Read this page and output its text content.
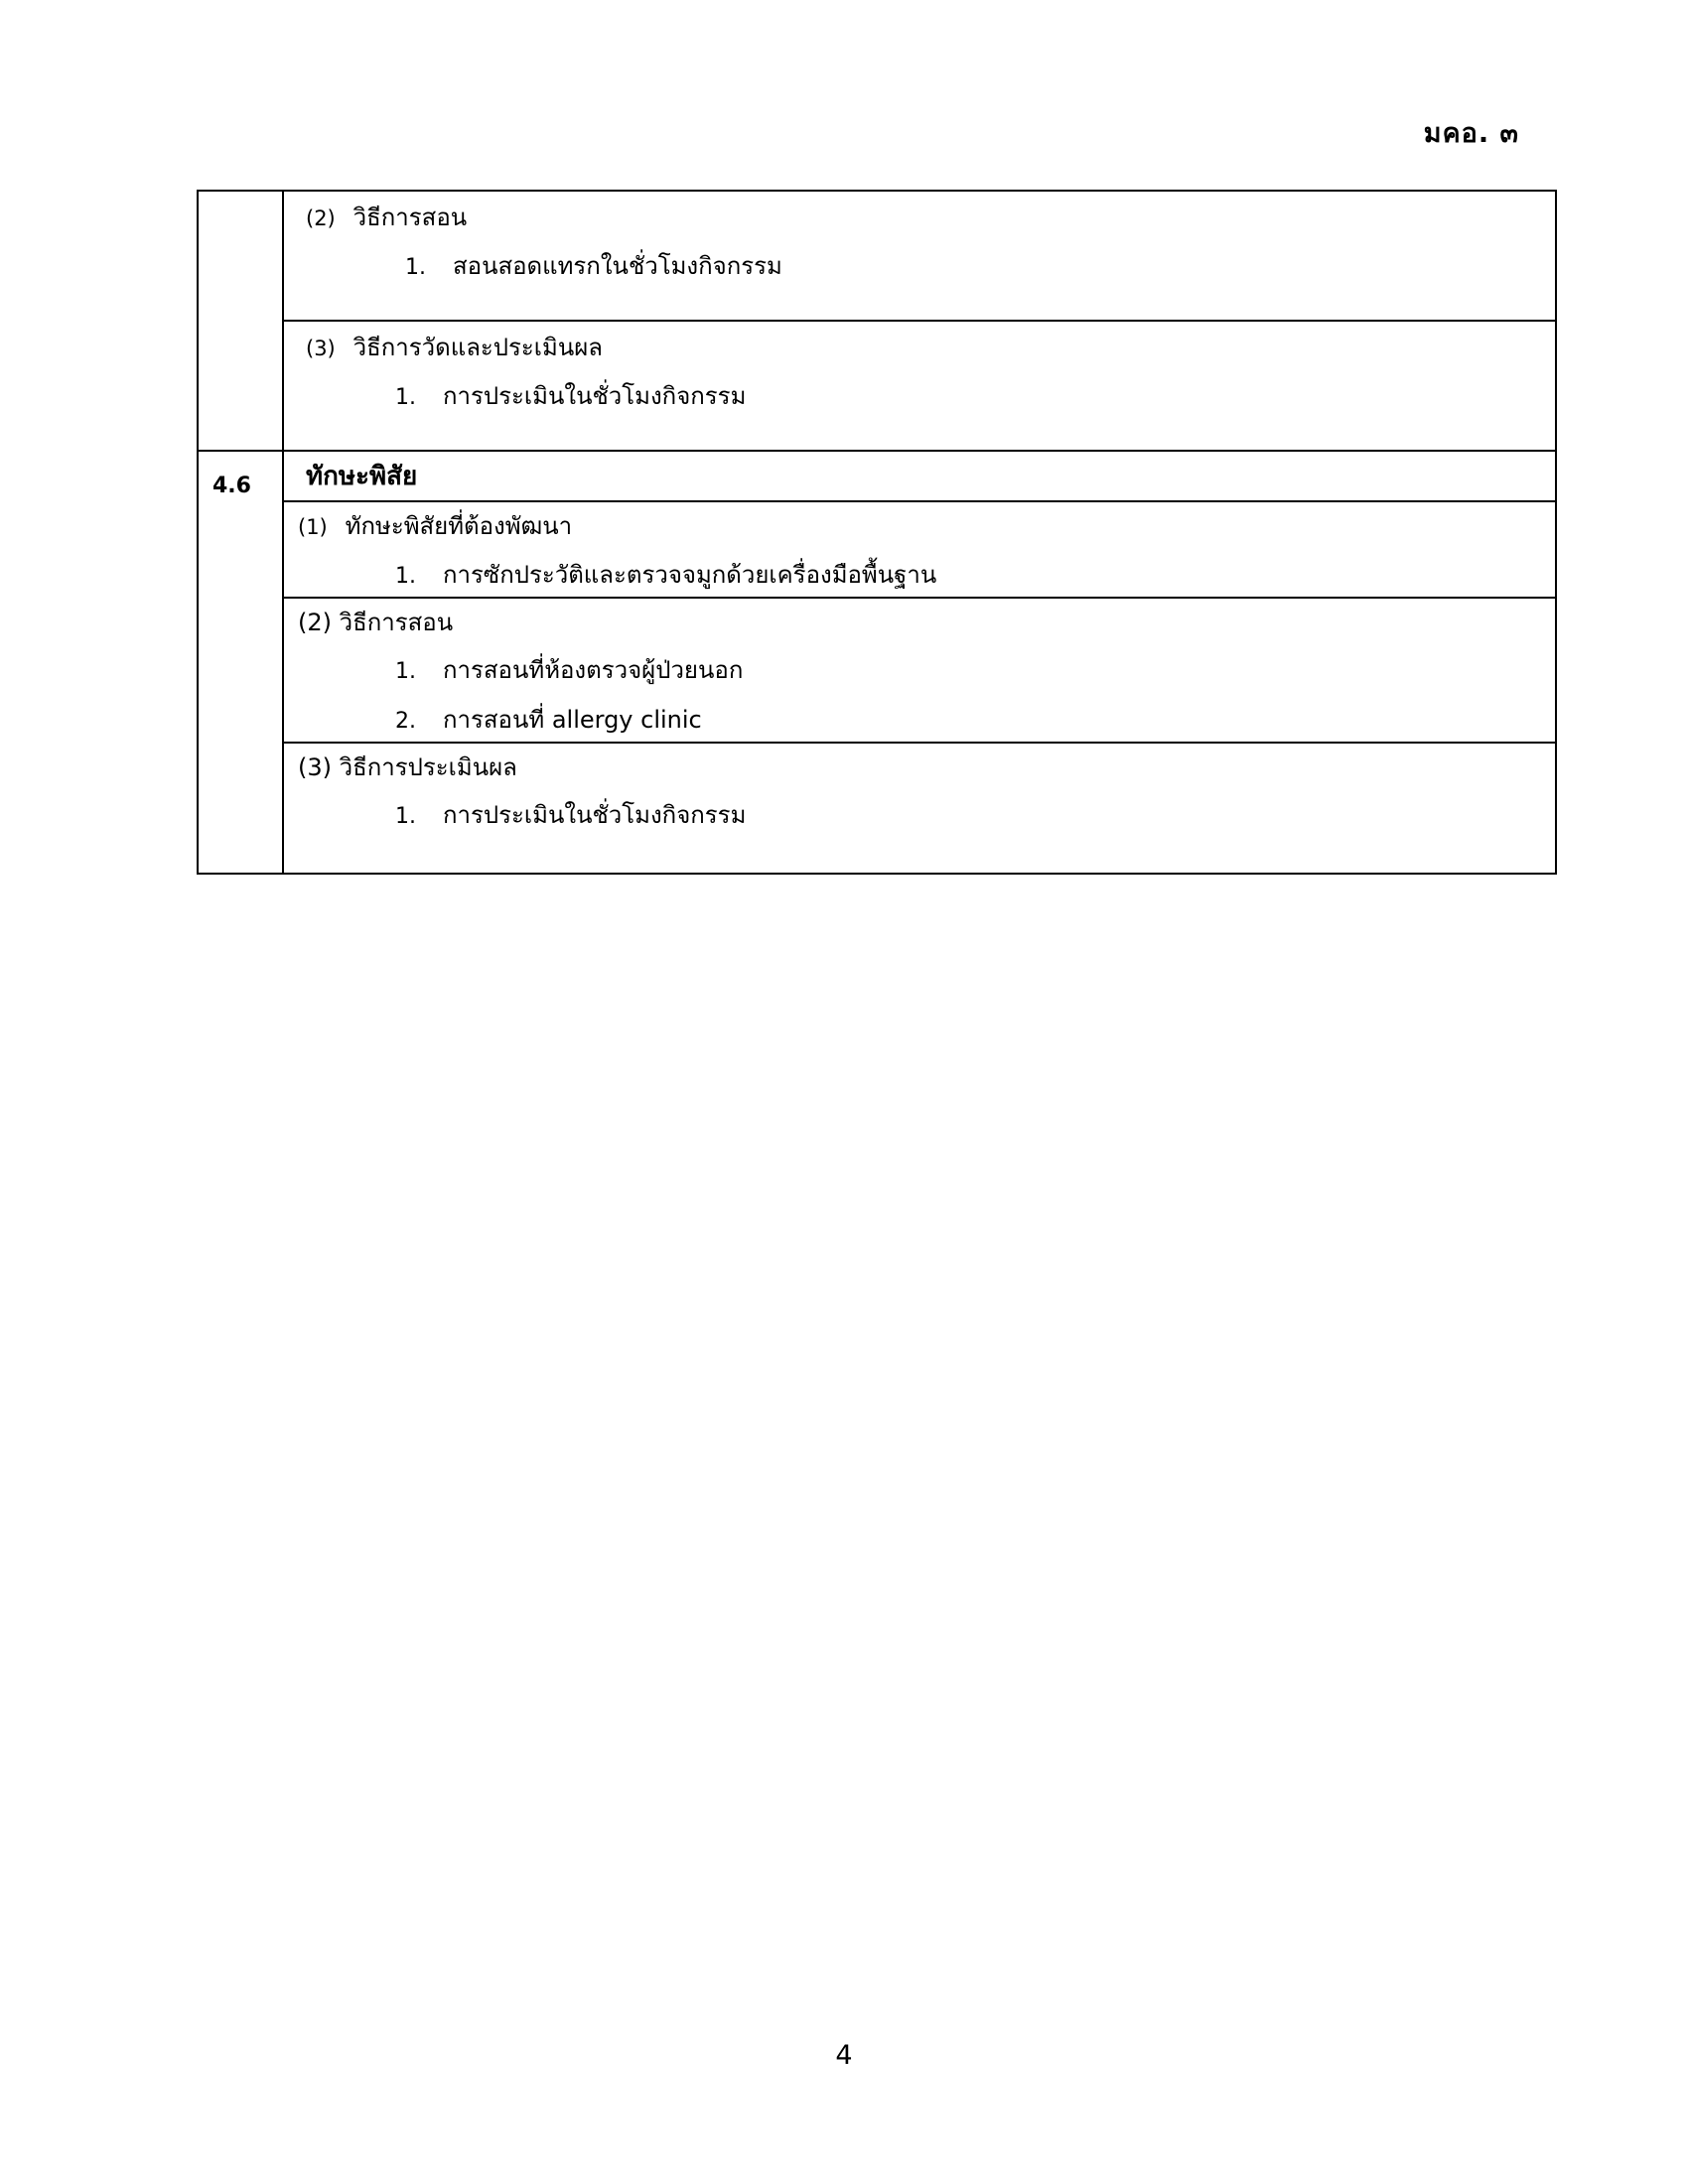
มคอ. ๓

	(2) วิธีการสอน
1. สอนสอดแทรกในชั่วโมงกิจกรรม

	(3) วิธีการวัดและประเมินผล
1. การประเมินในชั่วโมงกิจกรรม

4.6	ทักษะพิสัย

	(1) ทักษะพิสัยที่ต้องพัฒนา
1. การซักประวัติและตรวจจมูกด้วยเครื่องมือพื้นฐาน

	(2) วิธีการสอน
1. การสอนที่ห้องตรวจผู้ป่วยนอก
2. การสอนที่ allergy clinic

	(3) วิธีการประเมินผล
1. การประเมินในชั่วโมงกิจกรรม
4
